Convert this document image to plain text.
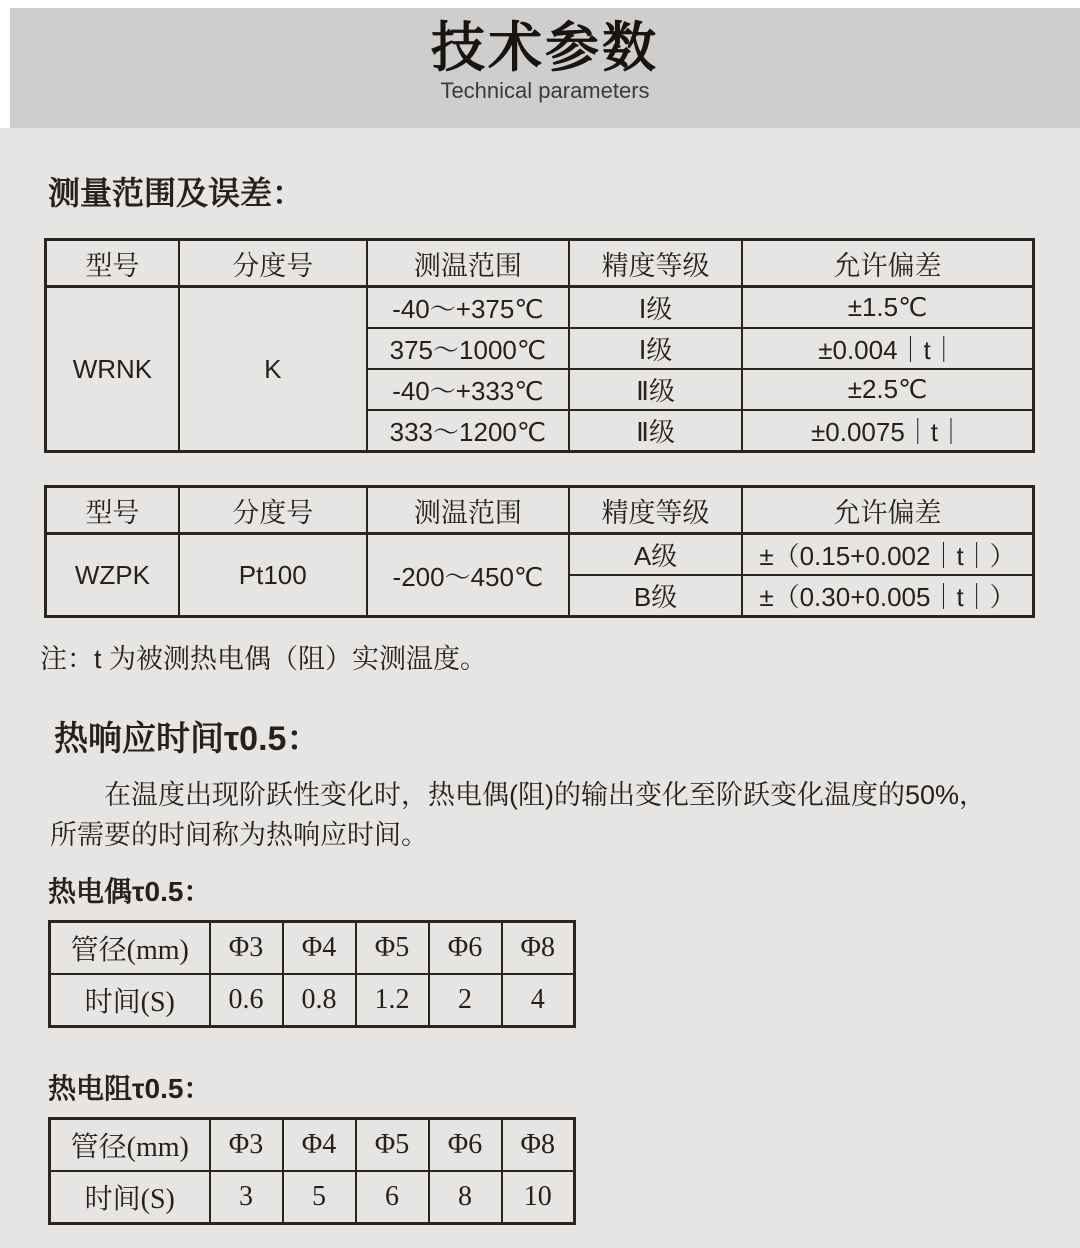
技术参数
Technical parameters
测量范围及误差：
型号	分度号	测温范围	精度等级	允许偏差
WRNK	K	-40～+375℃	Ⅰ级	±1.5℃
		375～1000℃	Ⅰ级	±0.004｜t｜
		-40～+333℃	Ⅱ级	±2.5℃
		333～1200℃	Ⅱ级	±0.0075｜t｜
型号	分度号	测温范围	精度等级	允许偏差
WZPK	Pt100	-200～450℃	A级	±（0.15+0.002｜t｜）
			B级	±（0.30+0.005｜t｜）
注：t 为被测热电偶（阻）实测温度。
热响应时间τ0.5：
在温度出现阶跃性变化时，热电偶(阻)的输出变化至阶跃变化温度的50%，
所需要的时间称为热响应时间。
热电偶τ0.5：
管径(mm)	Φ3	Φ4	Φ5	Φ6	Φ8
时间(S)	0.6	0.8	1.2	2	4
热电阻τ0.5：
管径(mm)	Φ3	Φ4	Φ5	Φ6	Φ8
时间(S)	3	5	6	8	10
